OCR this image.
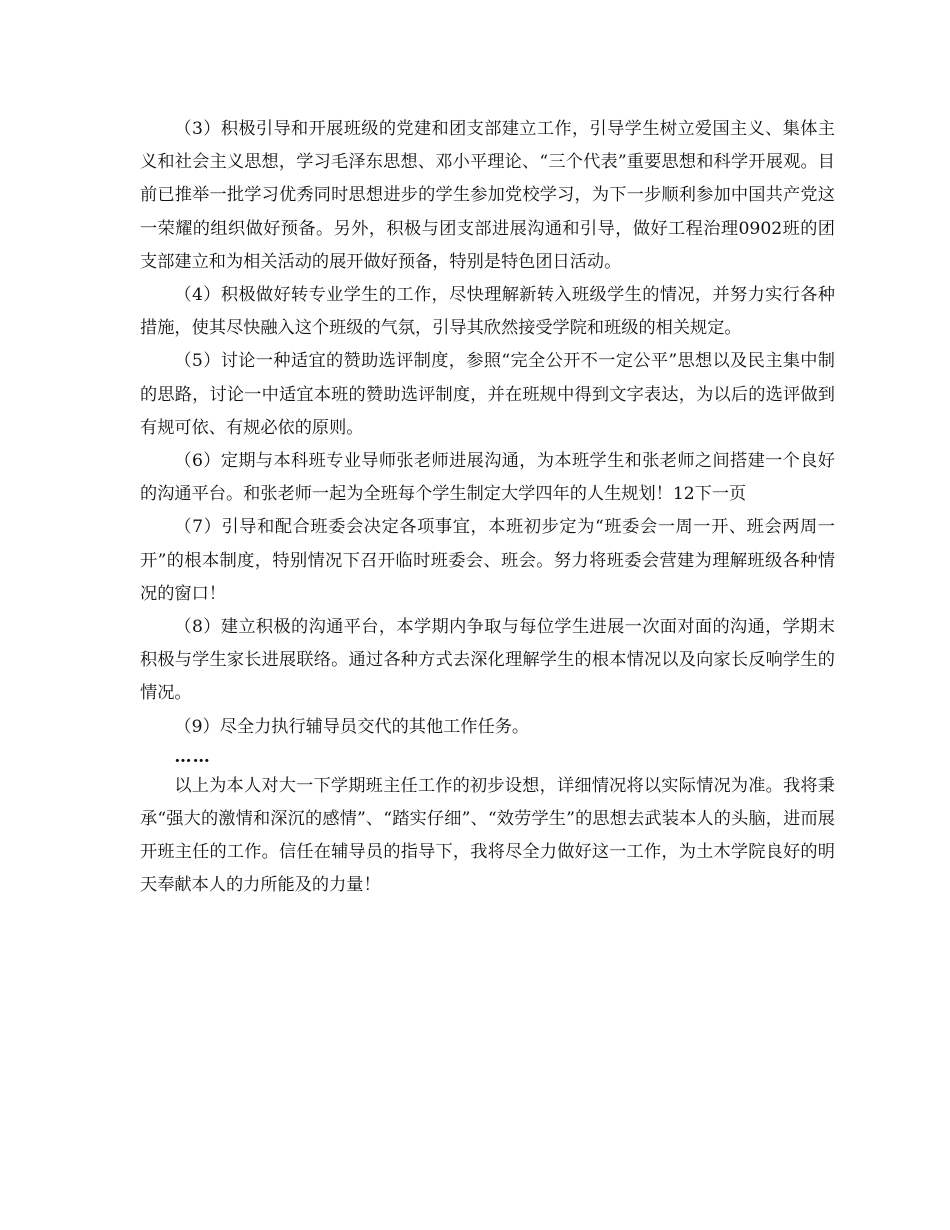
（3）积极引导和开展班级的党建和团支部建立工作，引导学生树立爱国主义、集体主义和社会主义思想，学习毛泽东思想、邓小平理论、“三个代表”重要思想和科学开展观。目前已推举一批学习优秀同时思想进步的学生参加党校学习，为下一步顺利参加中国共产党这一荣耀的组织做好预备。另外，积极与团支部进展沟通和引导，做好工程治理0902班的团支部建立和为相关活动的展开做好预备，特别是特色团日活动。

（4）积极做好转专业学生的工作，尽快理解新转入班级学生的情况，并努力实行各种措施，使其尽快融入这个班级的气氛，引导其欣然接受学院和班级的相关规定。

（5）讨论一种适宜的赞助选评制度，参照“完全公开不一定公平”思想以及民主集中制的思路，讨论一中适宜本班的赞助选评制度，并在班规中得到文字表达，为以后的选评做到有规可依、有规必依的原则。

（6）定期与本科班专业导师张老师进展沟通，为本班学生和张老师之间搭建一个良好的沟通平台。和张老师一起为全班每个学生制定大学四年的人生规划！12下一页

（7）引导和配合班委会决定各项事宜，本班初步定为“班委会一周一开、班会两周一开”的根本制度，特别情况下召开临时班委会、班会。努力将班委会营建为理解班级各种情况的窗口！

（8）建立积极的沟通平台，本学期内争取与每位学生进展一次面对面的沟通，学期末积极与学生家长进展联络。通过各种方式去深化理解学生的根本情况以及向家长反响学生的情况。

（9）尽全力执行辅导员交代的其他工作任务。

……

以上为本人对大一下学期班主任工作的初步设想，详细情况将以实际情况为准。我将秉承“强大的激情和深沉的感情”、“踏实仔细”、“效劳学生”的思想去武装本人的头脑，进而展开班主任的工作。信任在辅导员的指导下，我将尽全力做好这一工作，为土木学院良好的明天奉献本人的力所能及的力量！
